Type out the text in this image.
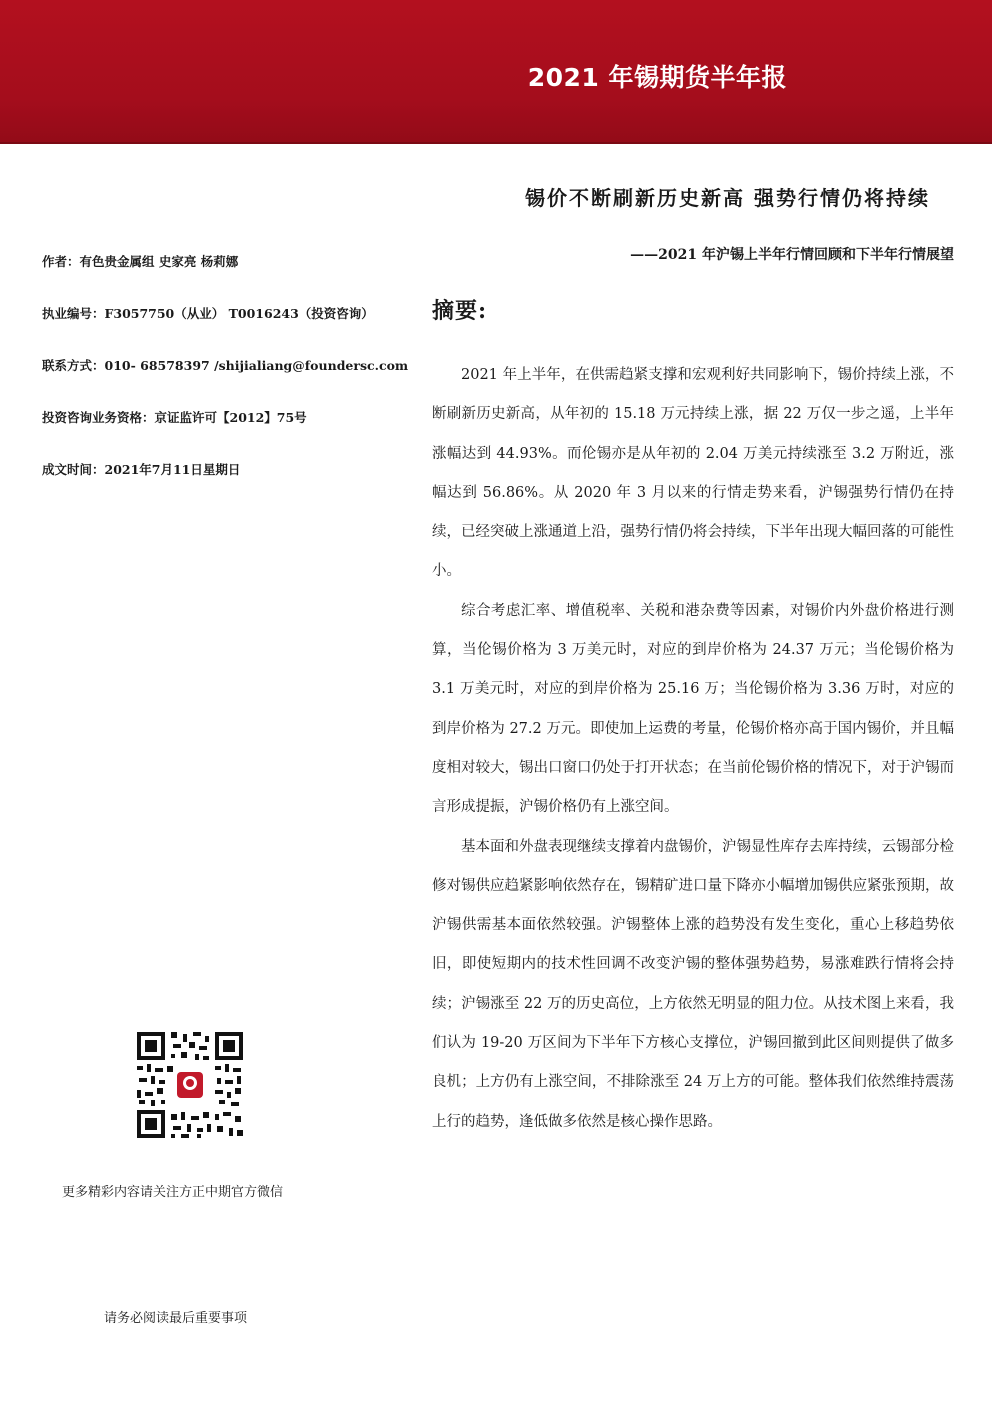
2021 年锡期货半年报
锡价不断刷新历史新高 强势行情仍将持续
——2021 年沪锡上半年行情回顾和下半年行情展望
作者：有色贵金属组 史家亮 杨莉娜
执业编号：F3057750（从业） T0016243（投资咨询）
联系方式：010- 68578397 /shijialiang@foundersc.com
投资咨询业务资格：京证监许可【2012】75号
成文时间：2021年7月11日星期日
摘要:

2021 年上半年，在供需趋紧支撑和宏观利好共同影响下，锡价持续上涨，不断刷新历史新高，从年初的 15.18 万元持续上涨，据 22 万仅一步之遥，上半年涨幅达到 44.93%。而伦锡亦是从年初的 2.04 万美元持续涨至 3.2 万附近，涨幅达到 56.86%。从 2020 年 3 月以来的行情走势来看，沪锡强势行情仍在持续，已经突破上涨通道上沿，强势行情仍将会持续，下半年出现大幅回落的可能性小。

综合考虑汇率、增值税率、关税和港杂费等因素，对锡价内外盘价格进行测算，当伦锡价格为 3 万美元时，对应的到岸价格为 24.37 万元；当伦锡价格为 3.1 万美元时，对应的到岸价格为 25.16 万；当伦锡价格为 3.36 万时，对应的到岸价格为 27.2 万元。即使加上运费的考量，伦锡价格亦高于国内锡价，并且幅度相对较大，锡出口窗口仍处于打开状态；在当前伦锡价格的情况下，对于沪锡而言形成提振，沪锡价格仍有上涨空间。

基本面和外盘表现继续支撑着内盘锡价，沪锡显性库存去库持续，云锡部分检修对锡供应趋紧影响依然存在，锡精矿进口量下降亦小幅增加锡供应紧张预期，故沪锡供需基本面依然较强。沪锡整体上涨的趋势没有发生变化，重心上移趋势依旧，即使短期内的技术性回调不改变沪锡的整体强势趋势，易涨难跌行情将会持续；沪锡涨至 22 万的历史高位，上方依然无明显的阻力位。从技术图上来看，我们认为 19-20 万区间为下半年下方核心支撑位，沪锡回撤到此区间则提供了做多良机；上方仍有上涨空间，不排除涨至 24 万上方的可能。整体我们依然维持震荡上行的趋势，逢低做多依然是核心操作思路。

更多精彩内容请关注方正中期官方微信
请务必阅读最后重要事项
